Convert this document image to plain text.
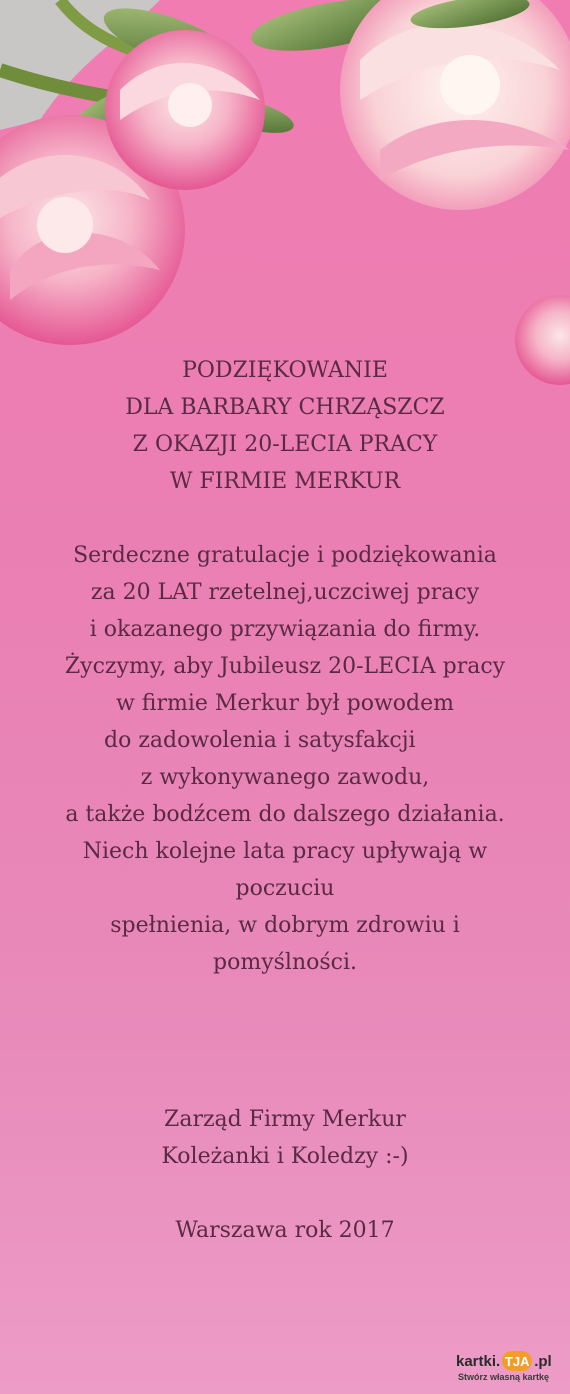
PODZIĘKOWANIE
DLA BARBARY CHRZĄSZCZ
Z OKAZJI 20-LECIA PRACY
W FIRMIE MERKUR
Serdeczne gratulacje i podziękowania
za 20 LAT rzetelnej,uczciwej pracy
i okazanego przywiązania do firmy.
Życzymy, aby Jubileusz 20-LECIA pracy
w firmie Merkur był powodem
do zadowolenia i satysfakcji
z wykonywanego zawodu,
a także bodźcem do dalszego działania.
Niech kolejne lata pracy upływają w
poczuciu
spełnienia, w dobrym zdrowiu i
pomyślności.
Zarząd Firmy Merkur
Koleżanki i Koledzy :-)
Warszawa rok 2017
kartki. TJA .pl
Stwórz własną kartkę
